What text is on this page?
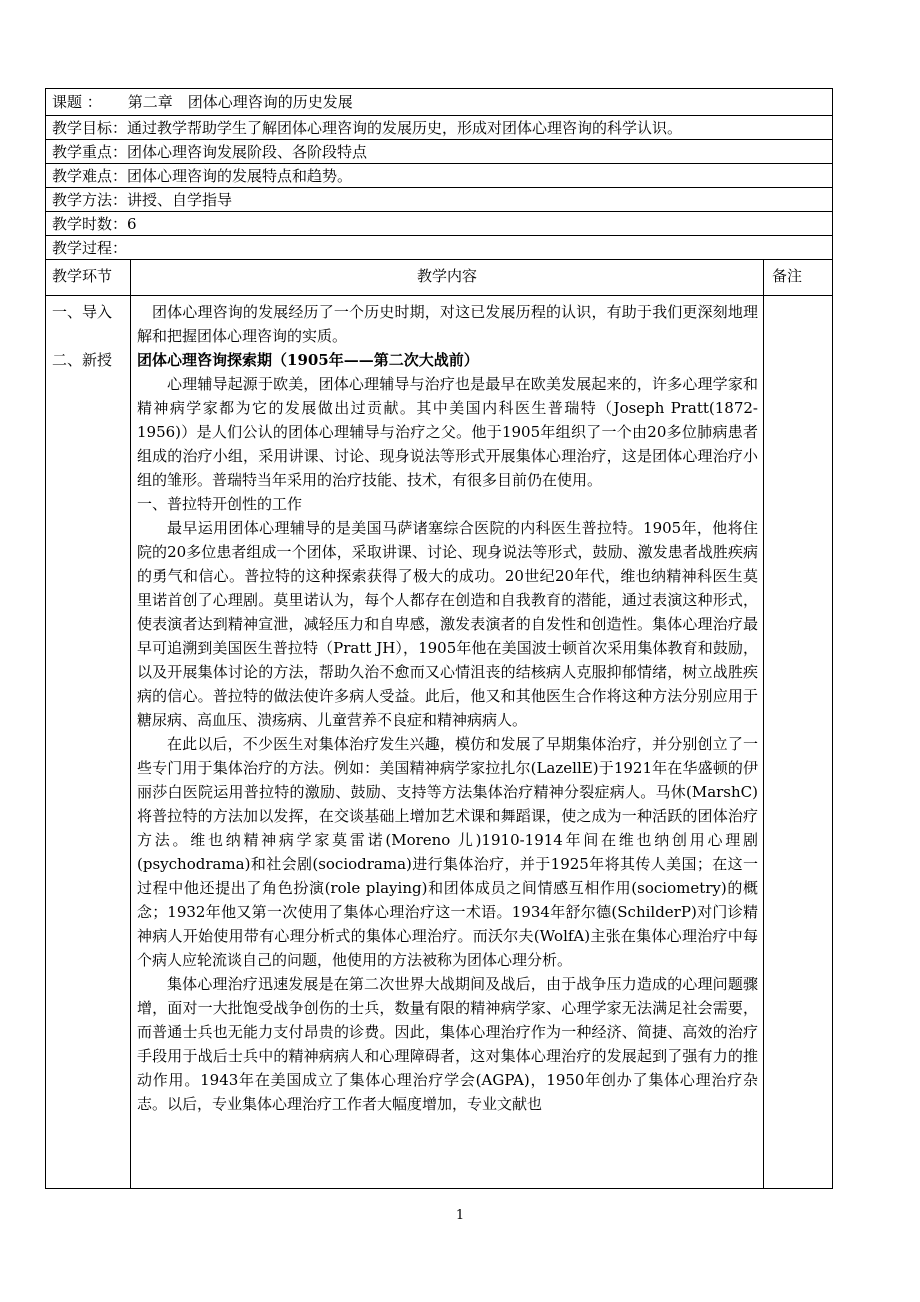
课题 ： 第二章　团体心理咨询的历史发展
教学目标：通过教学帮助学生了解团体心理咨询的发展历史，形成对团体心理咨询的科学认识。
教学重点：团体心理咨询发展阶段、各阶段特点
教学难点：团体心理咨询的发展特点和趋势。
教学方法：讲授、自学指导
教学时数：6
教学过程：
教学环节	教学内容	备注
一、导入
二、新授

团体心理咨询的发展经历了一个历史时期，对这已发展历程的认识，有助于我们更深刻地理解和把握团体心理咨询的实质。

团体心理咨询探索期（1905年——第二次大战前）

心理辅导起源于欧美，团体心理辅导与治疗也是最早在欧美发展起来的，许多心理学家和精神病学家都为它的发展做出过贡献。其中美国内科医生普瑞特（Joseph Pratt(1872-1956)）是人们公认的团体心理辅导与治疗之父。他于1905年组织了一个由20多位肺病患者组成的治疗小组，采用讲课、讨论、现身说法等形式开展集体心理治疗，这是团体心理治疗小组的雏形。普瑞特当年采用的治疗技能、技术，有很多目前仍在使用。

一、普拉特开创性的工作

最早运用团体心理辅导的是美国马萨诸塞综合医院的内科医生普拉特。1905年，他将住院的20多位患者组成一个团体，采取讲课、讨论、现身说法等形式，鼓励、激发患者战胜疾病的勇气和信心。普拉特的这种探索获得了极大的成功。20世纪20年代，维也纳精神科医生莫里诺首创了心理剧。莫里诺认为，每个人都存在创造和自我教育的潜能，通过表演这种形式，使表演者达到精神宣泄，减轻压力和自卑感，激发表演者的自发性和创造性。集体心理治疗最早可追溯到美国医生普拉特（Pratt JH），1905年他在美国波士顿首次采用集体教育和鼓励，以及开展集体讨论的方法，帮助久治不愈而又心情沮丧的结核病人克服抑郁情绪，树立战胜疾病的信心。普拉特的做法使许多病人受益。此后，他又和其他医生合作将这种方法分别应用于糖尿病、高血压、溃疡病、儿童营养不良症和精神病病人。

在此以后，不少医生对集体治疗发生兴趣，模仿和发展了早期集体治疗，并分别创立了一些专门用于集体治疗的方法。例如：美国精神病学家拉扎尔(LazellE)于1921年在华盛顿的伊丽莎白医院运用普拉特的激励、鼓励、支持等方法集体治疗精神分裂症病人。马休(MarshC)将普拉特的方法加以发挥，在交谈基础上增加艺术课和舞蹈课，使之成为一种活跃的团体治疗方法。维也纳精神病学家莫雷诺(Moreno 儿)1910-1914年间在维也纳创用心理剧(psychodrama)和社会剧(sociodrama)进行集体治疗，并于1925年将其传人美国；在这一过程中他还提出了角色扮演(role playing)和团体成员之间情感互相作用(sociometry)的概念；1932年他又第一次使用了集体心理治疗这一术语。1934年舒尔德(SchilderP)对门诊精神病人开始使用带有心理分析式的集体心理治疗。而沃尔夫(WolfA)主张在集体心理治疗中每个病人应轮流谈自己的问题，他使用的方法被称为团体心理分析。

集体心理治疗迅速发展是在第二次世界大战期间及战后，由于战争压力造成的心理问题骤增，面对一大批饱受战争创伤的士兵，数量有限的精神病学家、心理学家无法满足社会需要，而普通士兵也无能力支付昂贵的诊费。因此，集体心理治疗作为一种经济、简捷、高效的治疗手段用于战后士兵中的精神病病人和心理障碍者，这对集体心理治疗的发展起到了强有力的推动作用。1943年在美国成立了集体心理治疗学会(AGPA)，1950年创办了集体心理治疗杂志。以后，专业集体心理治疗工作者大幅度增加，专业文献也

1
